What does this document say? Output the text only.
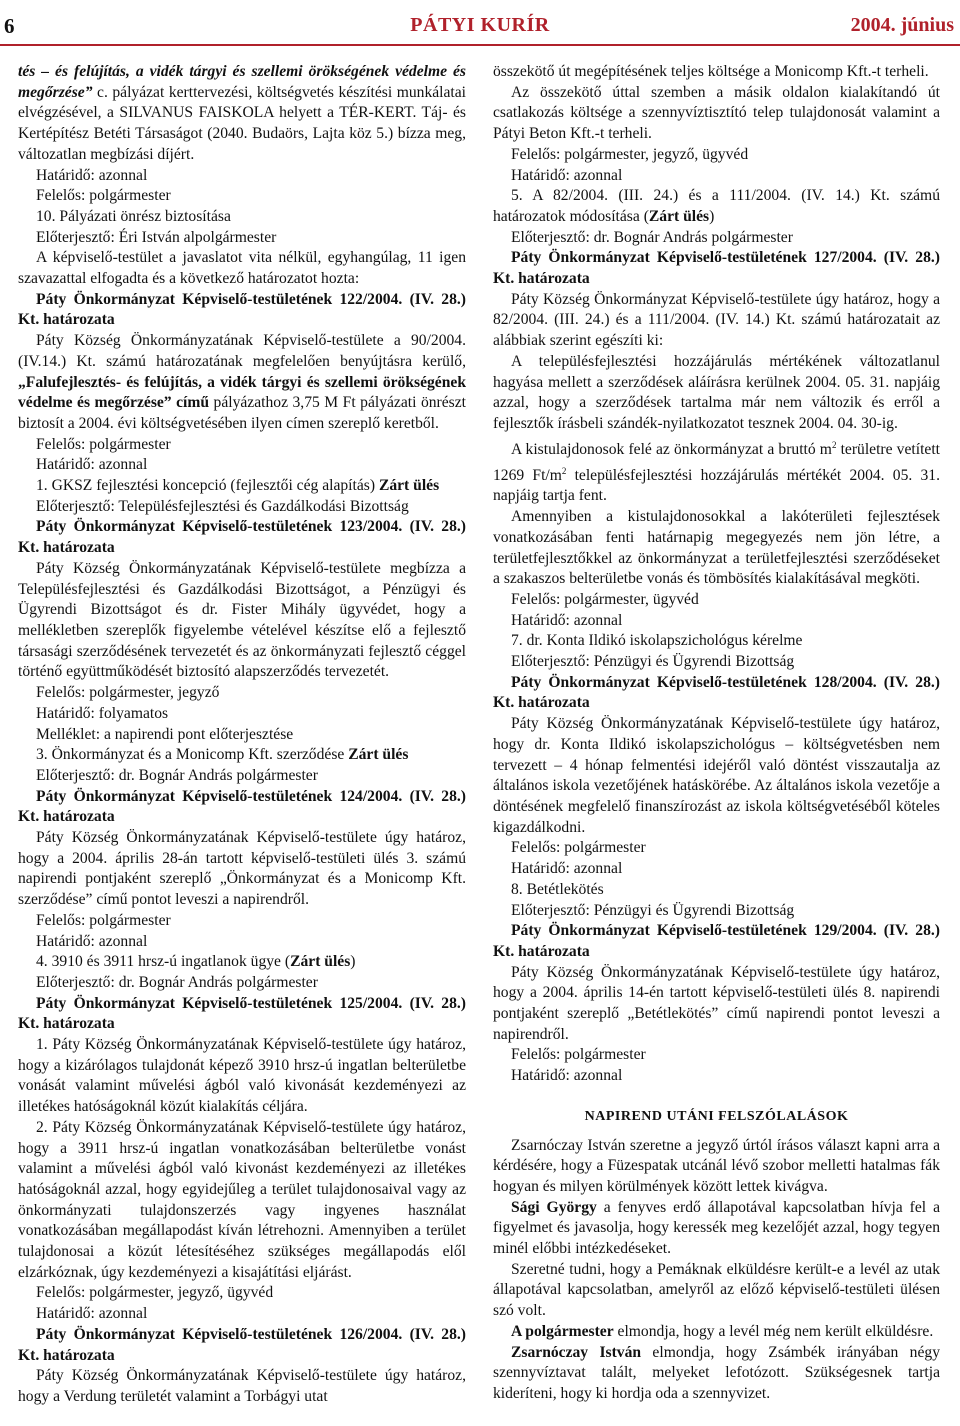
6	PÁTYI KURÍR	2004. június

tés – és felújítás, a vidék tárgyi és szellemi örökségének védelme és megőrzése” c. pályázat kerttervezési, költségvetés készítési munkálatai elvégzésével, a SILVANUS FAISKOLA helyett a TÉR-KERT. Táj- és Kertépítész Betéti Társaságot (2040. Budaörs, Lajta köz 5.) bízza meg, változatlan megbízási díjért.

Határidő: azonnal

Felelős: polgármester

10. Pályázati önrész biztosítása

Előterjesztő: Éri István alpolgármester

A képviselő-testület a javaslatot vita nélkül, egyhangúlag, 11 igen szavazattal elfogadta és a következő határozatot hozta:

Páty Önkormányzat Képviselő-testületének 122/2004. (IV. 28.) Kt. határozata

Páty Község Önkormányzatának Képviselő-testülete a 90/2004. (IV.14.) Kt. számú határozatának megfelelően benyújtásra kerülő, „Falufejlesztés- és felújítás, a vidék tárgyi és szellemi örökségének védelme és megőrzése” című pályázathoz 3,75 M Ft pályázati önrészt biztosít a 2004. évi költségvetésében ilyen címen szereplő keretből.

Felelős: polgármester

Határidő: azonnal

1. GKSZ fejlesztési koncepció (fejlesztői cég alapítás) Zárt ülés

Előterjesztő: Településfejlesztési és Gazdálkodási Bizottság

Páty Önkormányzat Képviselő-testületének 123/2004. (IV. 28.) Kt. határozata

Páty Község Önkormányzatának Képviselő-testülete megbízza a Településfejlesztési és Gazdálkodási Bizottságot, a Pénzügyi és Ügyrendi Bizottságot és dr. Fister Mihály ügyvédet, hogy a mellékletben szereplők figyelembe vételével készítse elő a fejlesztő társasági szerződésének tervezetét és az önkormányzati fejlesztő céggel történő együttműködését biztosító alapszerződés tervezetét.

Felelős: polgármester, jegyző

Határidő: folyamatos

Melléklet: a napirendi pont előterjesztése

3. Önkormányzat és a Monicomp Kft. szerződése Zárt ülés

Előterjesztő: dr. Bognár András polgármester

Páty Önkormányzat Képviselő-testületének 124/2004. (IV. 28.) Kt. határozata

Páty Község Önkormányzatának Képviselő-testülete úgy határoz, hogy a 2004. április 28-án tartott képviselő-testületi ülés 3. számú napirendi pontjaként szereplő „Önkormányzat és a Monicomp Kft. szerződése” című pontot leveszi a napirendről.

Felelős: polgármester

Határidő: azonnal

4. 3910 és 3911 hrsz-ú ingatlanok ügye (Zárt ülés)

Előterjesztő: dr. Bognár András polgármester

Páty Önkormányzat Képviselő-testületének 125/2004. (IV. 28.) Kt. határozata

1. Páty Község Önkormányzatának Képviselő-testülete úgy határoz, hogy a kizárólagos tulajdonát képező 3910 hrsz-ú ingatlan belterületbe vonását valamint művelési ágból való kivonását kezdeményezi az illetékes hatóságoknál közút kialakítás céljára.

2. Páty Község Önkormányzatának Képviselő-testülete úgy határoz, hogy a 3911 hrsz-ú ingatlan vonatkozásában belterületbe vonást valamint a művelési ágból való kivonást kezdeményezi az illetékes hatóságoknál azzal, hogy egyidejűleg a terület tulajdonosaival vagy az önkormányzati tulajdonszerzés vagy ingyenes használat vonatkozásában megállapodást kíván létrehozni. Amennyiben a terület tulajdonosai a közút létesítéséhez szükséges megállapodás elől elzárkóznak, úgy kezdeményezi a kisajátítási eljárást.

Felelős: polgármester, jegyző, ügyvéd

Határidő: azonnal

Páty Önkormányzat Képviselő-testületének 126/2004. (IV. 28.) Kt. határozata

Páty Község Önkormányzatának Képviselő-testülete úgy határoz, hogy a Verdung területét valamint a Torbágyi utat

összekötő út megépítésének teljes költsége a Monicomp Kft.-t terheli.

Az összekötő úttal szemben a másik oldalon kialakítandó út csatlakozás költsége a szennyvíztisztító telep tulajdonosát valamint a Pátyi Beton Kft.-t terheli.

Felelős: polgármester, jegyző, ügyvéd

Határidő: azonnal

5. A 82/2004. (III. 24.) és a 111/2004. (IV. 14.) Kt. számú határozatok módosítása (Zárt ülés)

Előterjesztő: dr. Bognár András polgármester

Páty Önkormányzat Képviselő-testületének 127/2004. (IV. 28.) Kt. határozata

Páty Község Önkormányzat Képviselő-testülete úgy határoz, hogy a 82/2004. (III. 24.) és a 111/2004. (IV. 14.) Kt. számú határozatait az alábbiak szerint egészíti ki:

A településfejlesztési hozzájárulás mértékének változatlanul hagyása mellett a szerződések aláírásra kerülnek 2004. 05. 31. napjáig azzal, hogy a szerződések tartalma már nem változik és erről a fejlesztők írásbeli szándék-nyilatkozatot tesznek 2004. 04. 30-ig.

A kistulajdonosok felé az önkormányzat a bruttó $m^2$ területre vetített 1269 $Ft/m^2$ településfejlesztési hozzájárulás mértékét 2004. 05. 31. napjáig tartja fent.

Amennyiben a kistulajdonosokkal a lakóterületi fejlesztések vonatkozásában fenti határnapig megegyezés nem jön létre, a területfejlesztőkkel az önkormányzat a területfejlesztési szerződéseket a szakaszos belterületbe vonás és tömbösítés kialakításával megköti.

Felelős: polgármester, ügyvéd

Határidő: azonnal

7. dr. Konta Ildikó iskolapszichológus kérelme

Előterjesztő: Pénzügyi és Ügyrendi Bizottság

Páty Önkormányzat Képviselő-testületének 128/2004. (IV. 28.) Kt. határozata

Páty Község Önkormányzatának Képviselő-testülete úgy határoz, hogy dr. Konta Ildikó iskolapszichológus – költségvetésben nem tervezett – 4 hónap felmentési idejéről való döntést visszautalja az általános iskola vezetőjének hatáskörébe. Az általános iskola vezetője a döntésének megfelelő finanszírozást az iskola költségvetéséből köteles kigazdálkodni.

Felelős: polgármester

Határidő: azonnal

8. Betétlekötés

Előterjesztő: Pénzügyi és Ügyrendi Bizottság

Páty Önkormányzat Képviselő-testületének 129/2004. (IV. 28.) Kt. határozata

Páty Község Önkormányzatának Képviselő-testülete úgy határoz, hogy a 2004. április 14-én tartott képviselő-testületi ülés 8. napirendi pontjaként szereplő „Betétlekötés” című napirendi pontot leveszi a napirendről.

Felelős: polgármester

Határidő: azonnal

NAPIREND UTÁNI FELSZÓLALÁSOK

Zsarnóczay István szeretne a jegyző úrtól írásos választ kapni arra a kérdésére, hogy a Füzespatak utcánál lévő szobor melletti hatalmas fák hogyan és milyen körülmények között lettek kivágva.

Sági György a fenyves erdő állapotával kapcsolatban hívja fel a figyelmet és javasolja, hogy keressék meg kezelőjét azzal, hogy tegyen minél előbbi intézkedéseket.

Szeretné tudni, hogy a Pemáknak elküldésre került-e a levél az utak állapotával kapcsolatban, amelyről az előző képviselő-testületi ülésen szó volt.

A polgármester elmondja, hogy a levél még nem került elküldésre.

Zsarnóczay István elmondja, hogy Zsámbék irányában négy szennyvíztavat talált, melyeket lefotózott. Szükségesnek tartja kideríteni, hogy ki hordja oda a szennyvizet.
